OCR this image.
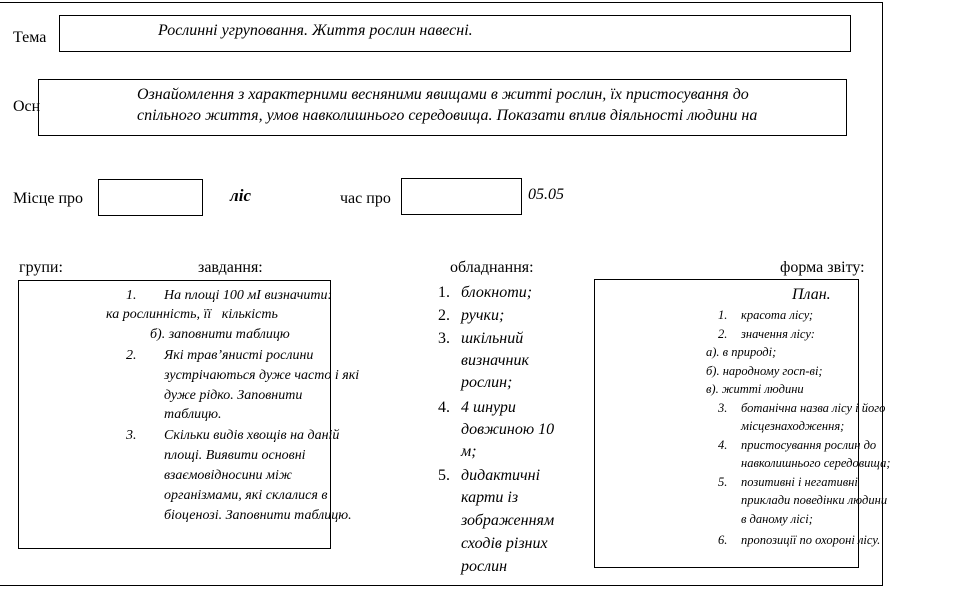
Тема	Рослинні угруповання. Життя рослин навесні.
Осн
Ознайомлення з характерними весняними явищами в житті рослин, їх пристосування до
спільного життя, умов навколишнього середовища. Показати вплив діяльності людини на
Місце про	ліс	час про	05.05
групи:	завдання:	обладнання:	форма звіту:
1. На площі 100 мІ визначити:
ка рослинність, її   кількість
б). заповнити таблицю
2. Які трав’янисті рослини
зустрічаються дуже часто і які
дуже рідко. Заповнити
таблицю.
3. Скільки видів хвощів на даній
площі. Виявити основні
взаємовідносини між
організмами, які склалися в
біоценозі. Заповнити таблицю.
1. блокноти;
2. ручки;
3. шкільний
визначник
рослин;
4. 4 шнури
довжиною 10
м;
5. дидактичні
карти із
зображенням
сходів різних
рослин
План.
1. красота лісу;
2. значення лісу:
а). в природі;
б). народному госп-ві;
в). житті людини
3. ботанічна назва лісу і його
місцезнаходження;
4. пристосування рослин до
навколишнього середовища;
5. позитивні і негативні
приклади поведінки людини
в даному лісі;
6. пропозиції по охороні лісу.
